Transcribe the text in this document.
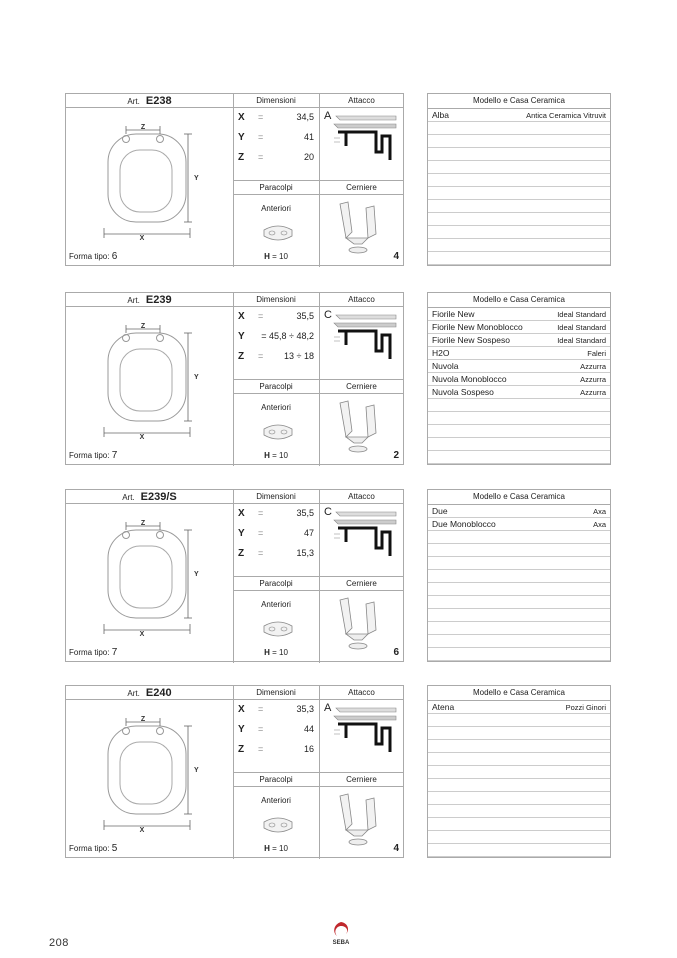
Art. E238	Dimensioni	Attacco
Z
Y
X
X =	34,5
Y =	41
Z =	20
A
Paracolpi	Cerniere
Anteriori
Forma tipo: 6	H = 10	4
Modello e Casa Ceramica
Alba	Antica Ceramica Vitruvit
Art. E239	Dimensioni	Attacco
Z
Y
X
X =	35,5
Y = 45,8 ÷ 48,2
Z = 13 ÷ 18
C
Paracolpi	Cerniere
Anteriori
Forma tipo: 7	H = 10	2
Modello e Casa Ceramica
Fiorile New	Ideal Standard
Fiorile New Monoblocco	Ideal Standard
Fiorile New Sospeso	Ideal Standard
H2O	Faleri
Nuvola	Azzurra
Nuvola Monoblocco	Azzurra
Nuvola Sospeso	Azzurra
Art. E239/S	Dimensioni	Attacco
Z
Y
X
X =	35,5
Y =	47
Z =	15,3
C
Paracolpi	Cerniere
Anteriori
Forma tipo: 7	H = 10	6
Modello e Casa Ceramica
Due	Axa
Due Monoblocco	Axa
Art. E240	Dimensioni	Attacco
Z
Y
X
X =	35,3
Y =	44
Z =	16
A
Paracolpi	Cerniere
Anteriori
Forma tipo: 5	H = 10	4
Modello e Casa Ceramica
Atena	Pozzi Ginori
208	SEBA
